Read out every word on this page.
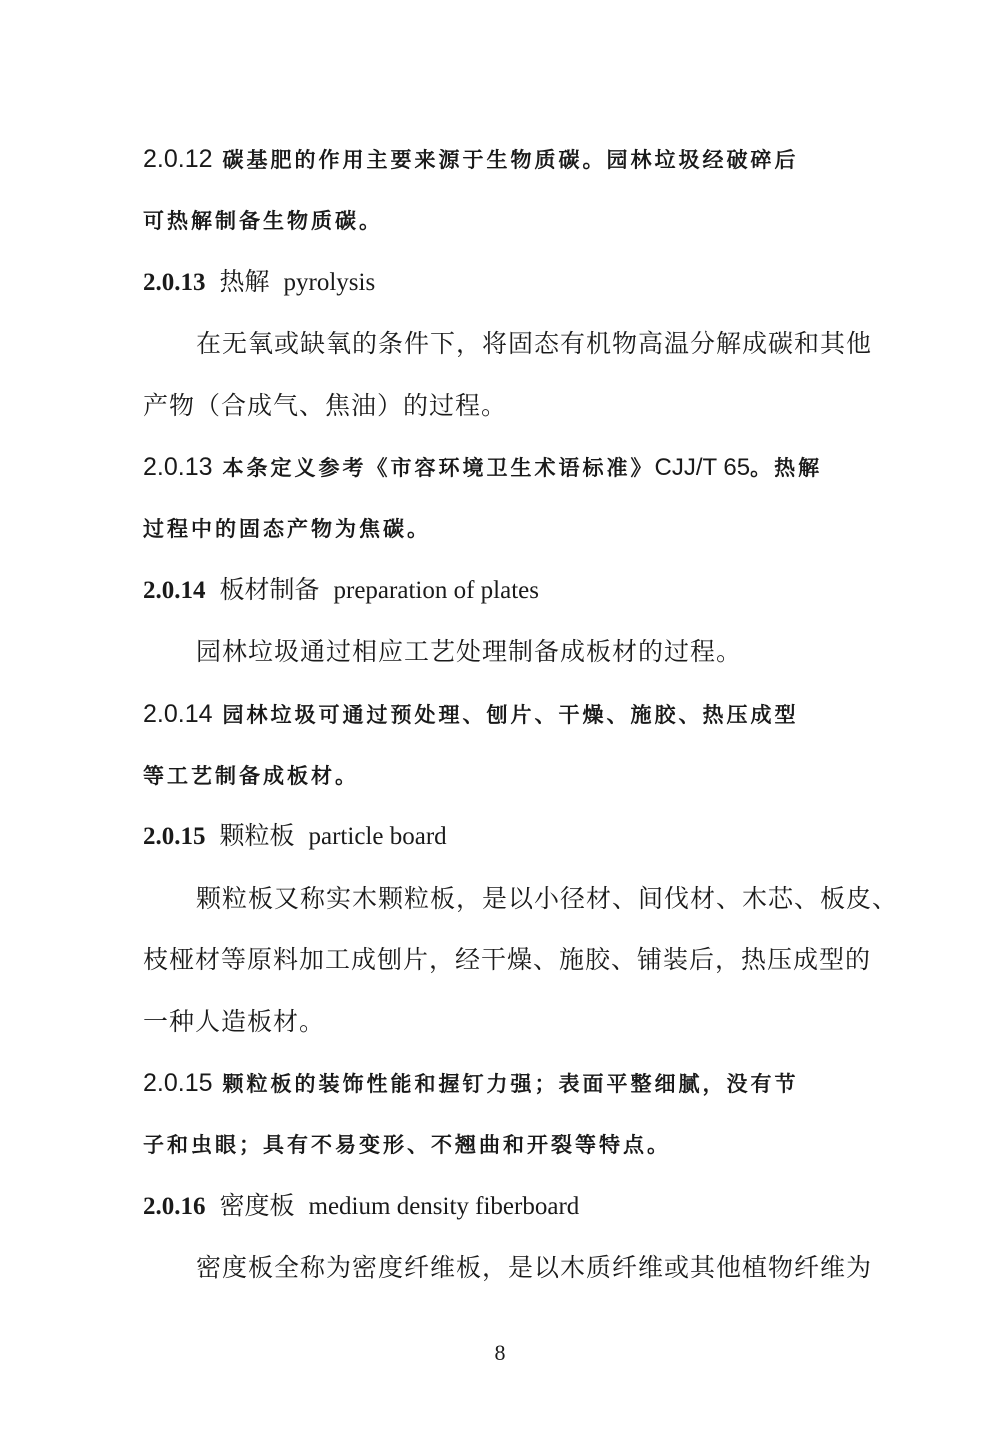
2.0.12 碳基肥的作用主要来源于生物质碳。园林垃圾经破碎后
可热解制备生物质碳。
2.0.13 热解 pyrolysis
在无氧或缺氧的条件下，将固态有机物高温分解成碳和其他
产物（合成气、焦油）的过程。
2.0.13 本条定义参考《市容环境卫生术语标准》CJJ/T 65。热解
过程中的固态产物为焦碳。
2.0.14 板材制备 preparation of plates
园林垃圾通过相应工艺处理制备成板材的过程。
2.0.14 园林垃圾可通过预处理、刨片、干燥、施胶、热压成型
等工艺制备成板材。
2.0.15 颗粒板 particle board
颗粒板又称实木颗粒板，是以小径材、间伐材、木芯、板皮、
枝桠材等原料加工成刨片，经干燥、施胶、铺装后，热压成型的
一种人造板材。
2.0.15 颗粒板的装饰性能和握钉力强；表面平整细腻，没有节
子和虫眼；具有不易变形、不翘曲和开裂等特点。
2.0.16 密度板 medium density fiberboard
密度板全称为密度纤维板，是以木质纤维或其他植物纤维为
8
